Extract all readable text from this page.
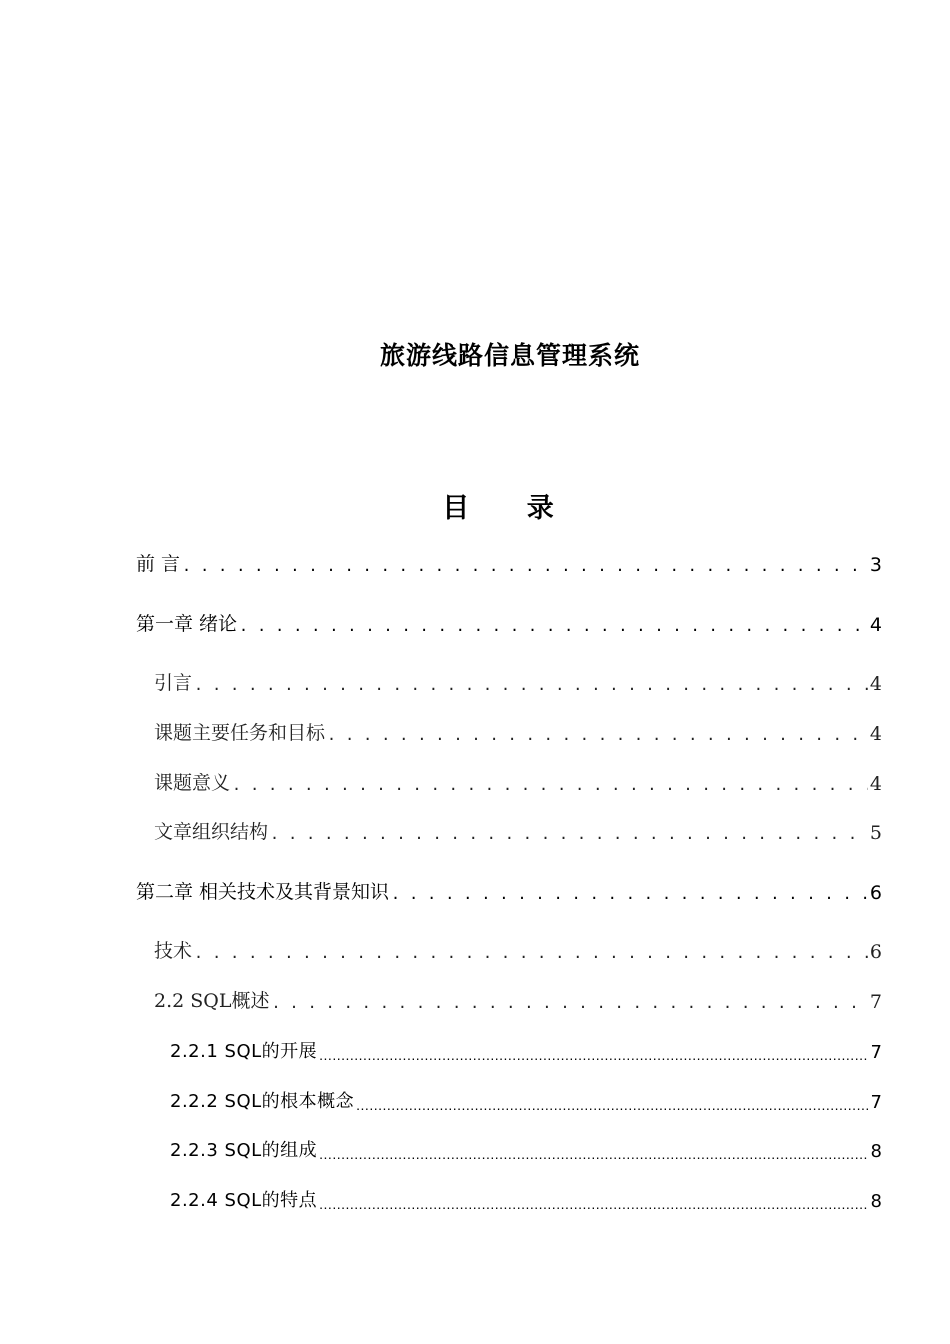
旅游线路信息管理系统
目 录
前 言 . . .	3
第一章 绪论 . . .	4
引言 . . .	4
课题主要任务和目标 . . .	4
课题意义 . . .	4
文章组织结构 . . .	5
第二章 相关技术及其背景知识 . . .	6
技术 . . .	6
2.2 SQL概述 . . .	7
2.2.1 SQL的开展 .....	7
2.2.2 SQL的根本概念 .....	7
2.2.3 SQL的组成 .....	8
2.2.4 SQL的特点 .....	8
